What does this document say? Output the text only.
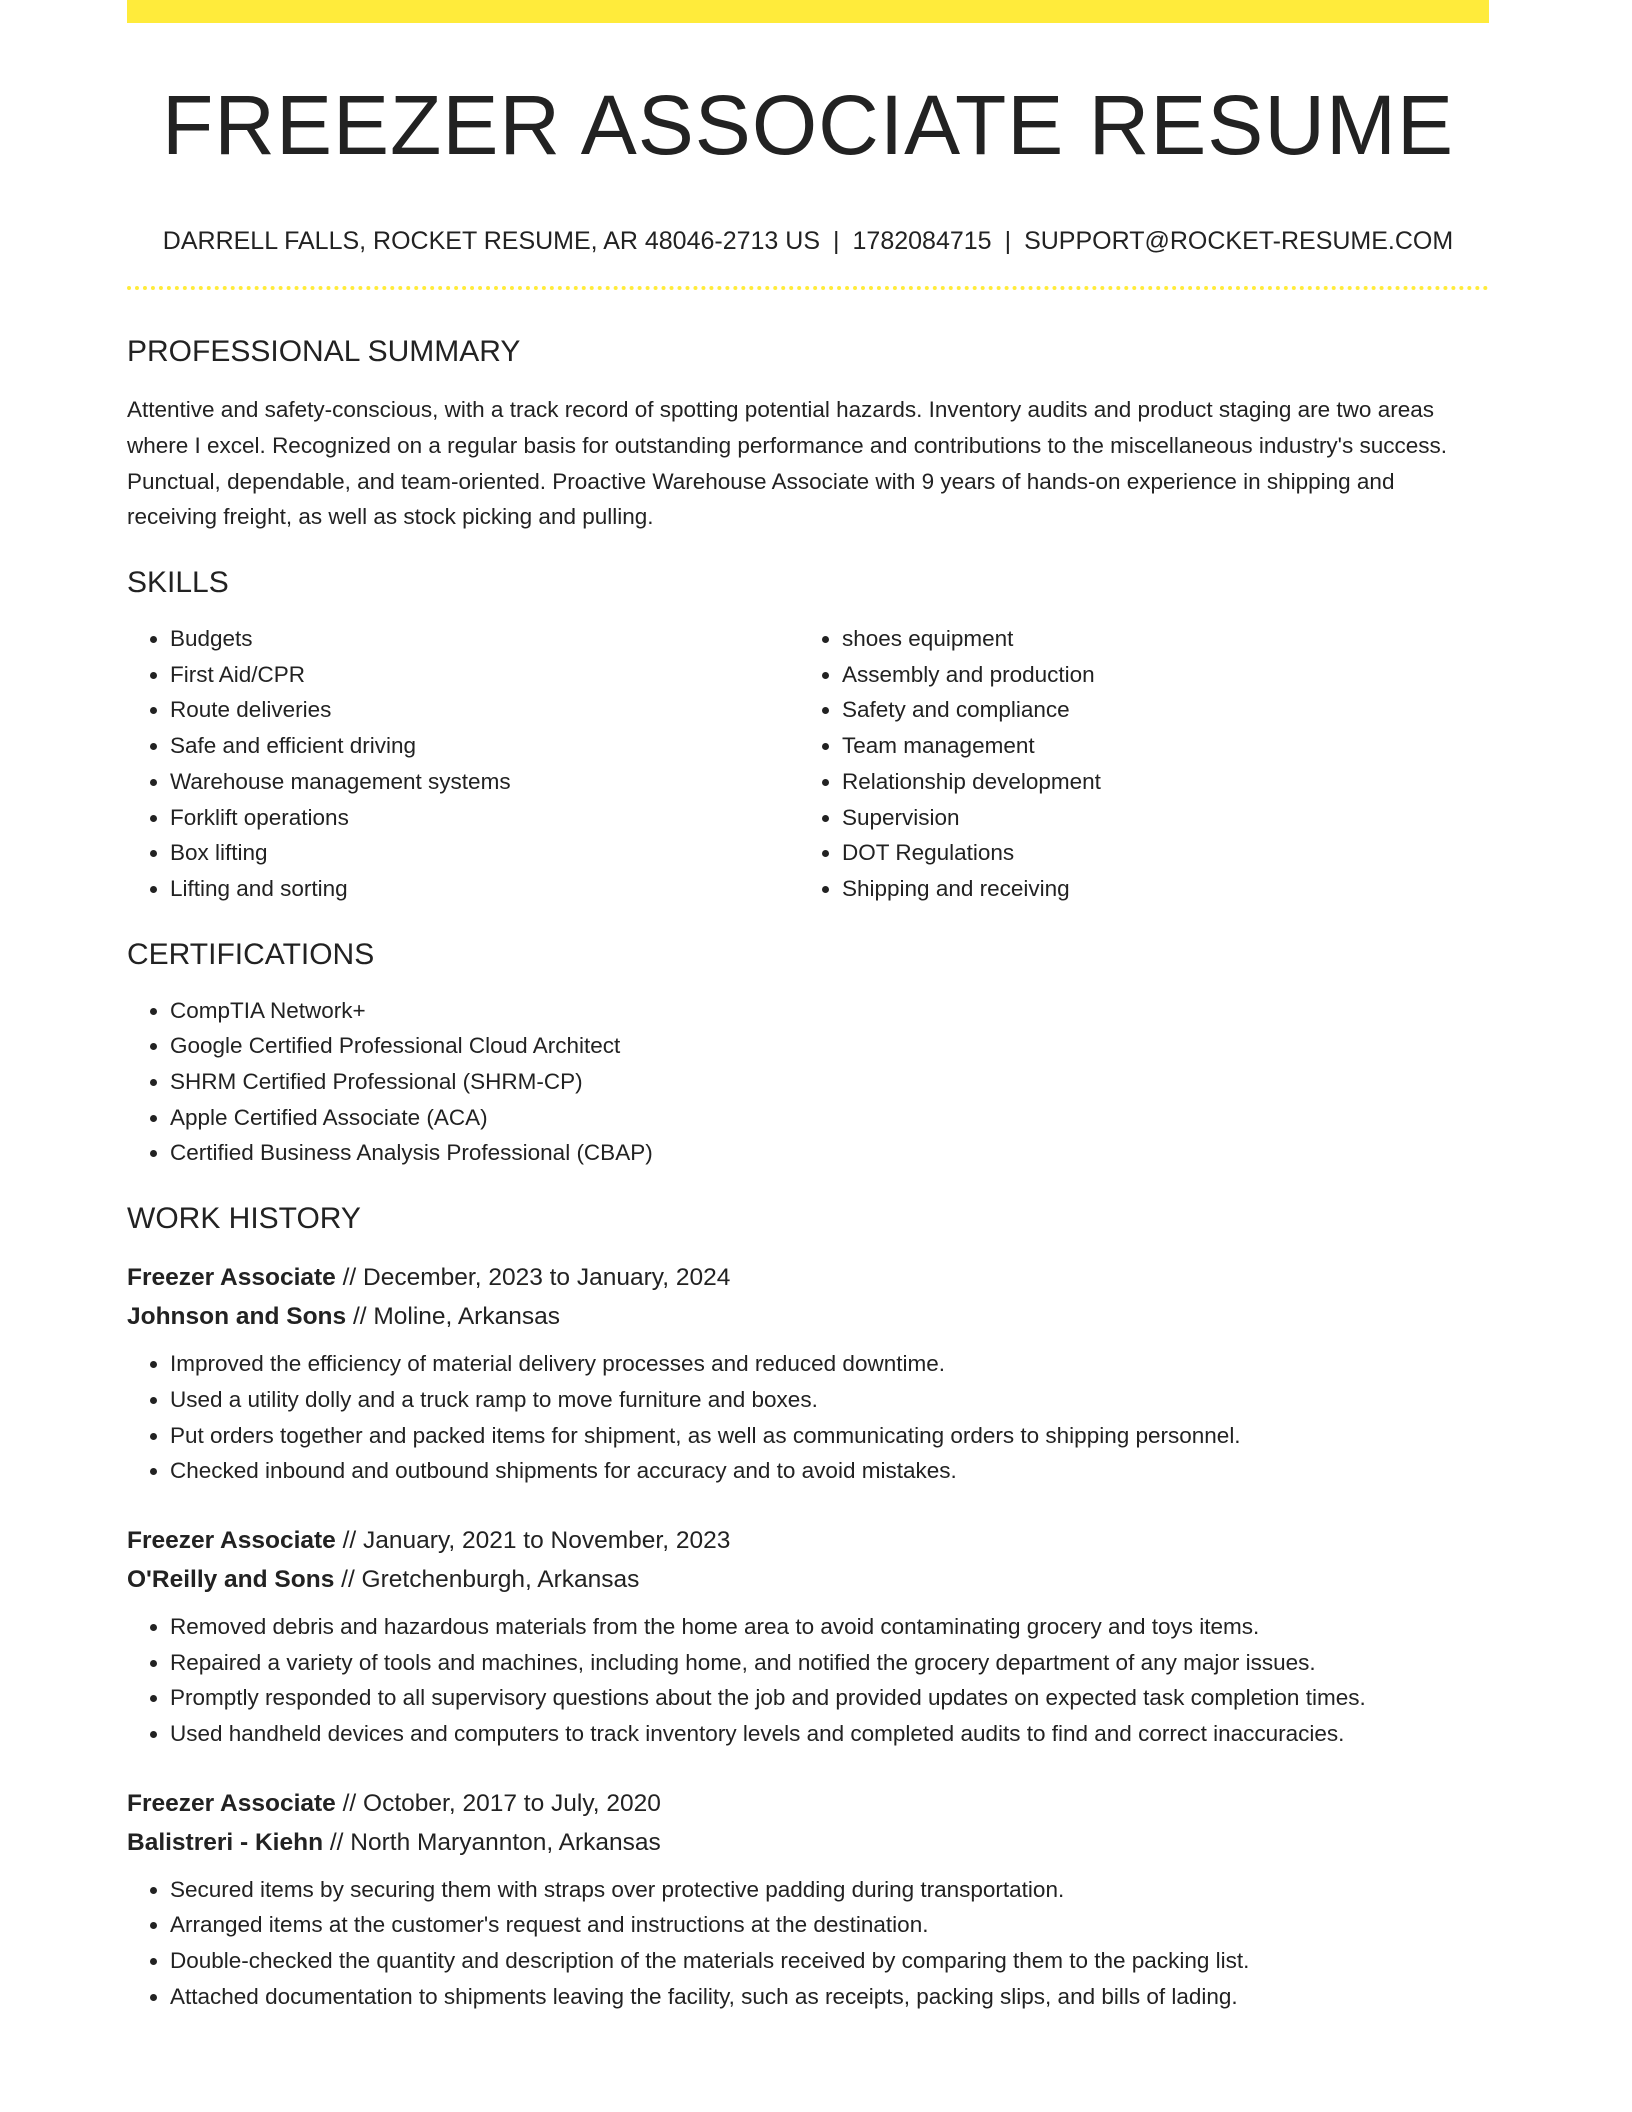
FREEZER ASSOCIATE RESUME
DARRELL FALLS, ROCKET RESUME, AR 48046-2713 US | 1782084715 | SUPPORT@ROCKET-RESUME.COM
PROFESSIONAL SUMMARY

Attentive and safety-conscious, with a track record of spotting potential hazards. Inventory audits and product staging are two areas where I excel. Recognized on a regular basis for outstanding performance and contributions to the miscellaneous industry's success. Punctual, dependable, and team-oriented. Proactive Warehouse Associate with 9 years of hands-on experience in shipping and receiving freight, as well as stock picking and pulling.

SKILLS
• Budgets
• First Aid/CPR
• Route deliveries
• Safe and efficient driving
• Warehouse management systems
• Forklift operations
• Box lifting
• Lifting and sorting
• shoes equipment
• Assembly and production
• Safety and compliance
• Team management
• Relationship development
• Supervision
• DOT Regulations
• Shipping and receiving
CERTIFICATIONS
• CompTIA Network+
• Google Certified Professional Cloud Architect
• SHRM Certified Professional (SHRM-CP)
• Apple Certified Associate (ACA)
• Certified Business Analysis Professional (CBAP)
WORK HISTORY
Freezer Associate // December, 2023 to January, 2024
Johnson and Sons // Moline, Arkansas
• Improved the efficiency of material delivery processes and reduced downtime.
• Used a utility dolly and a truck ramp to move furniture and boxes.
• Put orders together and packed items for shipment, as well as communicating orders to shipping personnel.
• Checked inbound and outbound shipments for accuracy and to avoid mistakes.
Freezer Associate // January, 2021 to November, 2023
O'Reilly and Sons // Gretchenburgh, Arkansas
• Removed debris and hazardous materials from the home area to avoid contaminating grocery and toys items.
• Repaired a variety of tools and machines, including home, and notified the grocery department of any major issues.
• Promptly responded to all supervisory questions about the job and provided updates on expected task completion times.
• Used handheld devices and computers to track inventory levels and completed audits to find and correct inaccuracies.
Freezer Associate // October, 2017 to July, 2020
Balistreri - Kiehn // North Maryannton, Arkansas
• Secured items by securing them with straps over protective padding during transportation.
• Arranged items at the customer's request and instructions at the destination.
• Double-checked the quantity and description of the materials received by comparing them to the packing list.
• Attached documentation to shipments leaving the facility, such as receipts, packing slips, and bills of lading.
